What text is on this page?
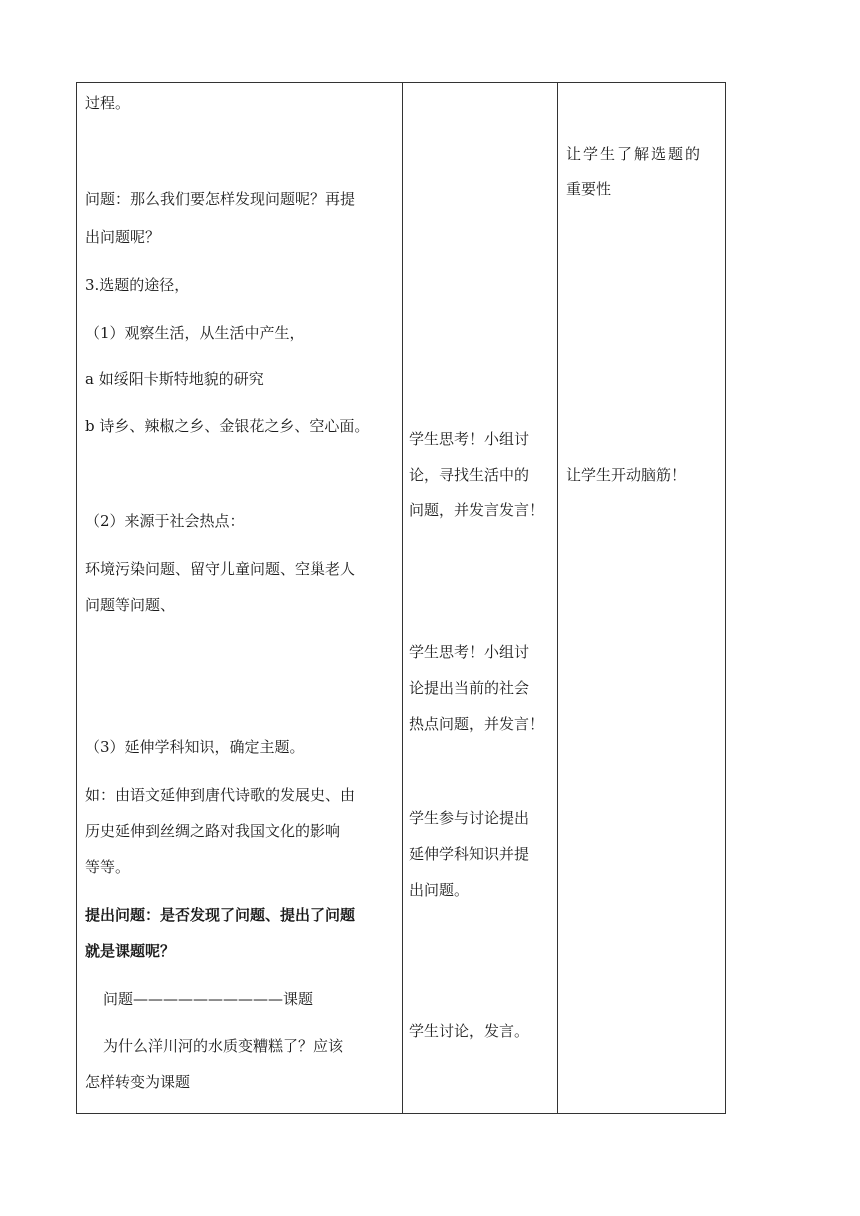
过程。
问题：那么我们要怎样发现问题呢？再提
出问题呢？
3.选题的途径，
（1）观察生活，从生活中产生，
a 如绥阳卡斯特地貌的研究
b 诗乡、辣椒之乡、金银花之乡、空心面。
（2）来源于社会热点：
环境污染问题、留守儿童问题、空巢老人
问题等问题、
（3）延伸学科知识，确定主题。
如：由语文延伸到唐代诗歌的发展史、由
历史延伸到丝绸之路对我国文化的影响
等等。
提出问题：是否发现了问题、提出了问题
就是课题呢？
问题——————————课题
为什么洋川河的水质变糟糕了？应该
怎样转变为课题
学生思考！小组讨
论，寻找生活中的
问题，并发言发言！
学生思考！小组讨
论提出当前的社会
热点问题，并发言！
学生参与讨论提出
延伸学科知识并提
出问题。
学生讨论，发言。
让学生了解选题的
重要性
让学生开动脑筋！
